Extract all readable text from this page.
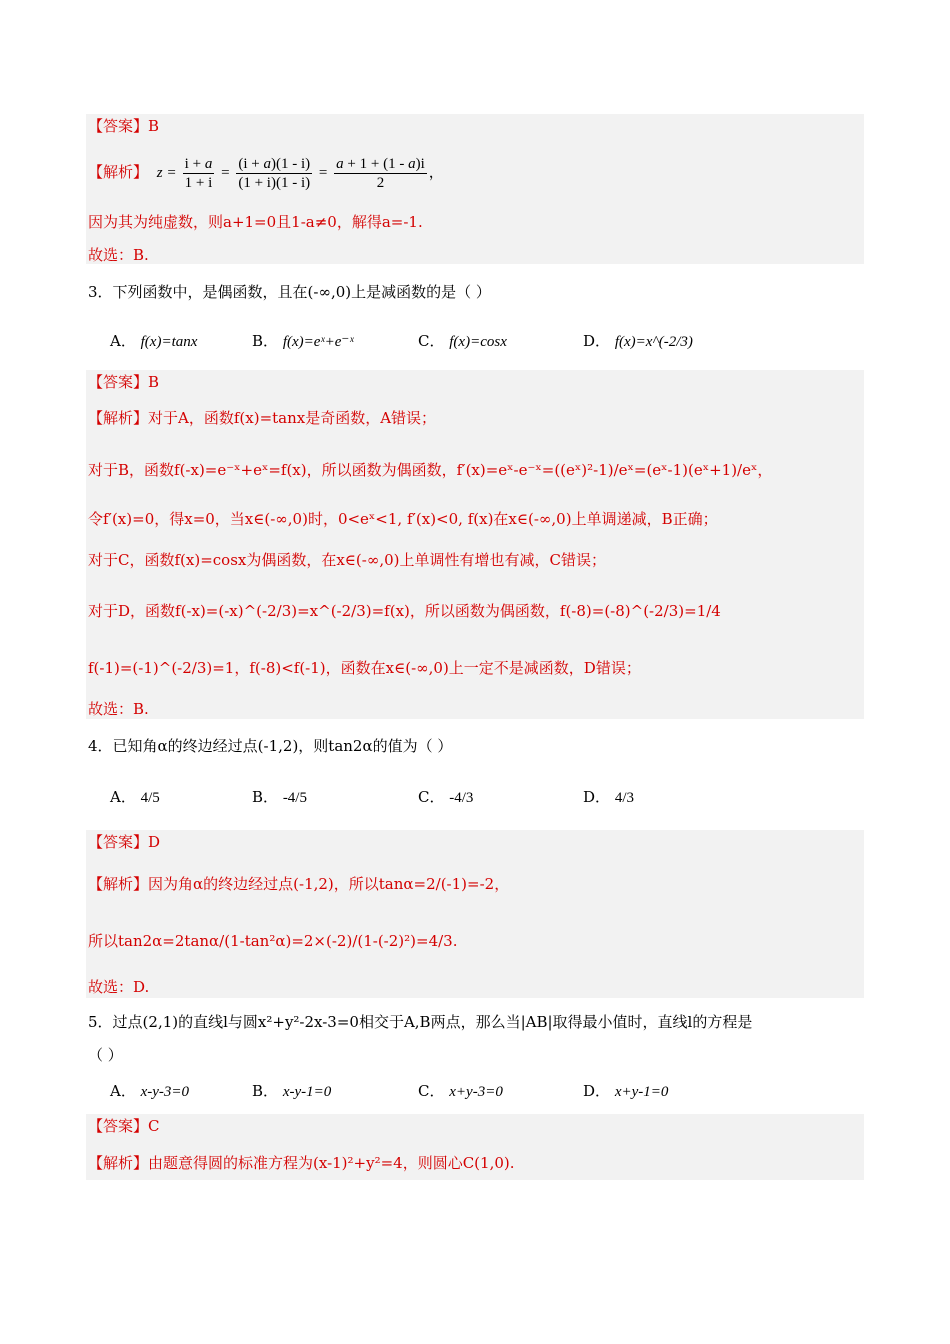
【答案】B
【解析】 $z = \frac{i + a}{1 + i} = \frac{(i + a)(1 - i)}{(1 + i)(1 - i)} = \frac{a + 1 + (1 - a)i}{2}$ ，
因为其为纯虚数，则a+1=0且1-a≠0，解得a=-1.
故选：B.
3．下列函数中，是偶函数，且在(-∞,0)上是减函数的是（ ）
A． f(x)=tanx	B． f(x)=eˣ+e⁻ˣ	C． f(x)=cosx	D． f(x)=x^(-2/3)
【答案】B
【解析】对于A，函数f(x)=tanx是奇函数，A错误；
对于B，函数f(-x)=e⁻ˣ+eˣ=f(x)，所以函数为偶函数，f′(x)=eˣ-e⁻ˣ=((eˣ)²-1)/eˣ=(eˣ-1)(eˣ+1)/eˣ，
令f′(x)=0，得x=0，当x∈(-∞,0)时，0<eˣ<1, f′(x)<0, f(x)在x∈(-∞,0)上单调递减，B正确；
对于C，函数f(x)=cosx为偶函数，在x∈(-∞,0)上单调性有增也有减，C错误；
对于D，函数f(-x)=(-x)^(-2/3)=x^(-2/3)=f(x)，所以函数为偶函数，f(-8)=(-8)^(-2/3)=1/4
f(-1)=(-1)^(-2/3)=1，f(-8)<f(-1)，函数在x∈(-∞,0)上一定不是减函数，D错误；
故选：B.
4．已知角α的终边经过点(-1,2)，则tan2α的值为（ ）
A． 4/5	B． -4/5	C． -4/3	D． 4/3
【答案】D
【解析】因为角α的终边经过点(-1,2)，所以tanα=2/(-1)=-2，
所以tan2α=2tanα/(1-tan²α)=2×(-2)/(1-(-2)²)=4/3.
故选：D.
5．过点(2,1)的直线l与圆x²+y²-2x-3=0相交于A,B两点，那么当|AB|取得最小值时，直线l的方程是
（ ）
A． x-y-3=0	B． x-y-1=0	C． x+y-3=0	D． x+y-1=0
【答案】C
【解析】由题意得圆的标准方程为(x-1)²+y²=4，则圆心C(1,0).
